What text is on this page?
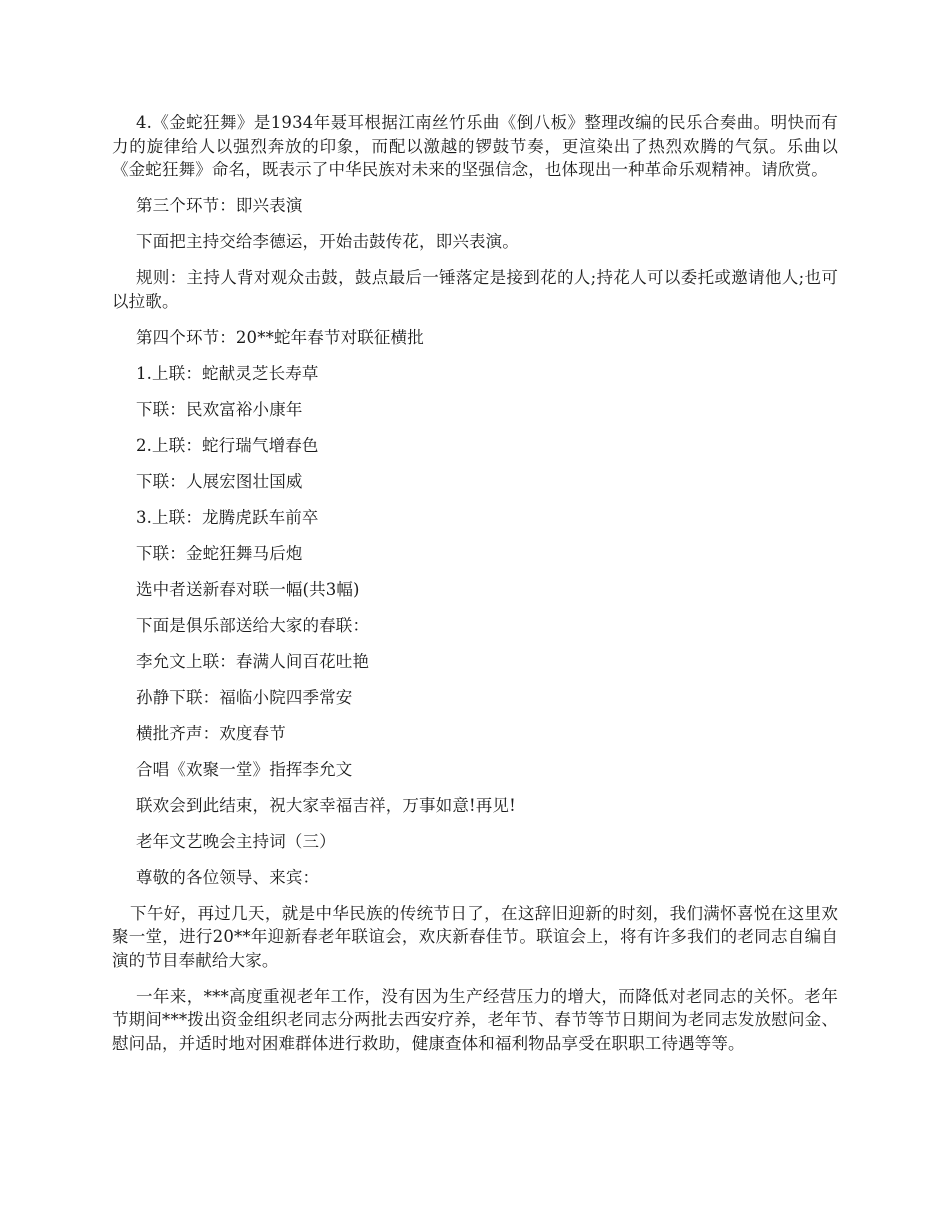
4.《金蛇狂舞》是1934年聂耳根据江南丝竹乐曲《倒八板》整理改编的民乐合奏曲。明快而有力的旋律给人以强烈奔放的印象，而配以激越的锣鼓节奏，更渲染出了热烈欢腾的气氛。乐曲以《金蛇狂舞》命名，既表示了中华民族对未来的坚强信念，也体现出一种革命乐观精神。请欣赏。

第三个环节：即兴表演

下面把主持交给李德运，开始击鼓传花，即兴表演。

规则：主持人背对观众击鼓，鼓点最后一锤落定是接到花的人;持花人可以委托或邀请他人;也可以拉歌。

第四个环节：20**蛇年春节对联征横批

1.上联：蛇献灵芝长寿草

下联：民欢富裕小康年

2.上联：蛇行瑞气增春色

下联：人展宏图壮国威

3.上联：龙腾虎跃车前卒

下联：金蛇狂舞马后炮

选中者送新春对联一幅(共3幅)

下面是俱乐部送给大家的春联：

李允文上联：春满人间百花吐艳

孙静下联：福临小院四季常安

横批齐声：欢度春节

合唱《欢聚一堂》指挥李允文

联欢会到此结束，祝大家幸福吉祥，万事如意!再见!

老年文艺晚会主持词（三）

尊敬的各位领导、来宾：

下午好，再过几天，就是中华民族的传统节日了，在这辞旧迎新的时刻，我们满怀喜悦在这里欢聚一堂，进行20**年迎新春老年联谊会，欢庆新春佳节。联谊会上，将有许多我们的老同志自编自演的节目奉献给大家。

一年来，***高度重视老年工作，没有因为生产经营压力的增大，而降低对老同志的关怀。老年节期间***拨出资金组织老同志分两批去西安疗养，老年节、春节等节日期间为老同志发放慰问金、慰问品，并适时地对困难群体进行救助，健康查体和福利物品享受在职职工待遇等等。
